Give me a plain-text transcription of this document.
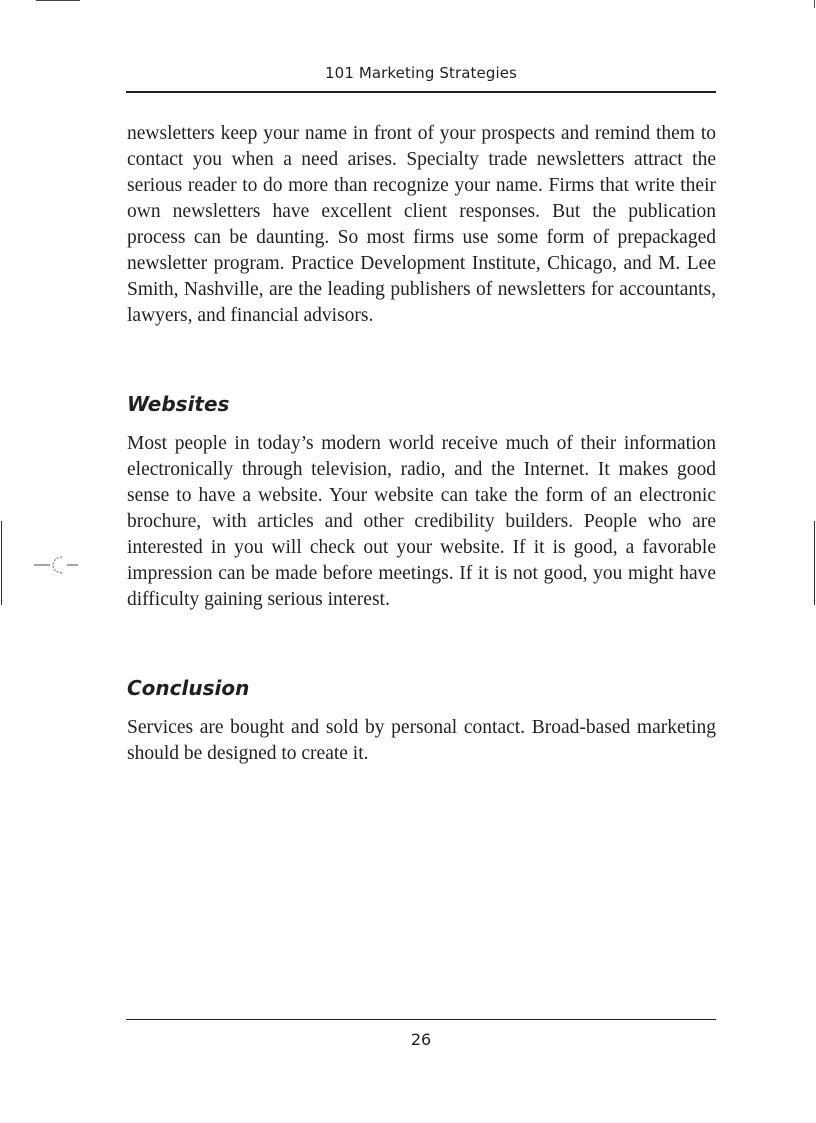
101 Marketing Strategies

newsletters keep your name in front of your prospects and remind them to contact you when a need arises. Specialty trade newsletters attract the serious reader to do more than recognize your name. Firms that write their own newsletters have excellent client responses. But the publication process can be daunting. So most firms use some form of prepackaged newsletter program. Practice Development Institute, Chicago, and M. Lee Smith, Nashville, are the leading publishers of newsletters for accountants, lawyers, and financial advisors.

Websites

Most people in today’s modern world receive much of their information electronically through television, radio, and the Internet. It makes good sense to have a website. Your website can take the form of an electronic brochure, with articles and other credibility builders. People who are interested in you will check out your website. If it is good, a favorable impression can be made before meetings. If it is not good, you might have difficulty gaining serious interest.

Conclusion

Services are bought and sold by personal contact. Broad-based marketing should be designed to create it.

26
